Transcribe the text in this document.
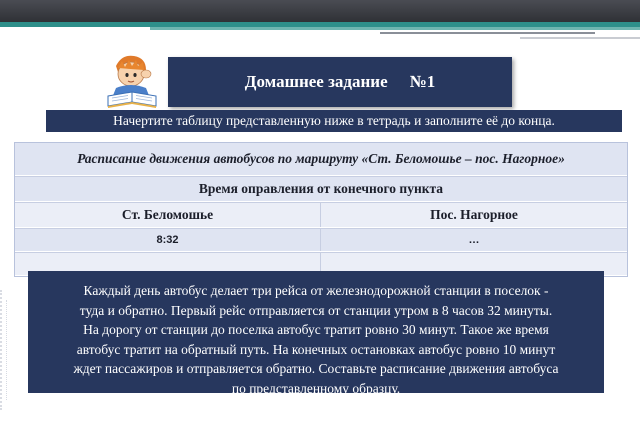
Домашнее задание №1
Начертите таблицу представленную ниже в тетрадь и заполните её до конца.
Расписание движения автобусов по маршруту «Ст. Беломошье – пос. Нагорное»
Время оправления от конечного пункта
Ст. Беломошье	Пос. Нагорное
8:32	…
Каждый день автобус делает три рейса от железнодорожной станции в поселок -
туда и обратно. Первый рейс отправляется от станции утром в 8 часов 32 минуты.
На дорогу от станции до поселка автобус тратит ровно 30 минут. Такое же время
автобус тратит на обратный путь. На конечных остановках автобус ровно 10 минут
ждет пассажиров и отправляется обратно. Составьте расписание движения автобуса
по представленному образцу.
